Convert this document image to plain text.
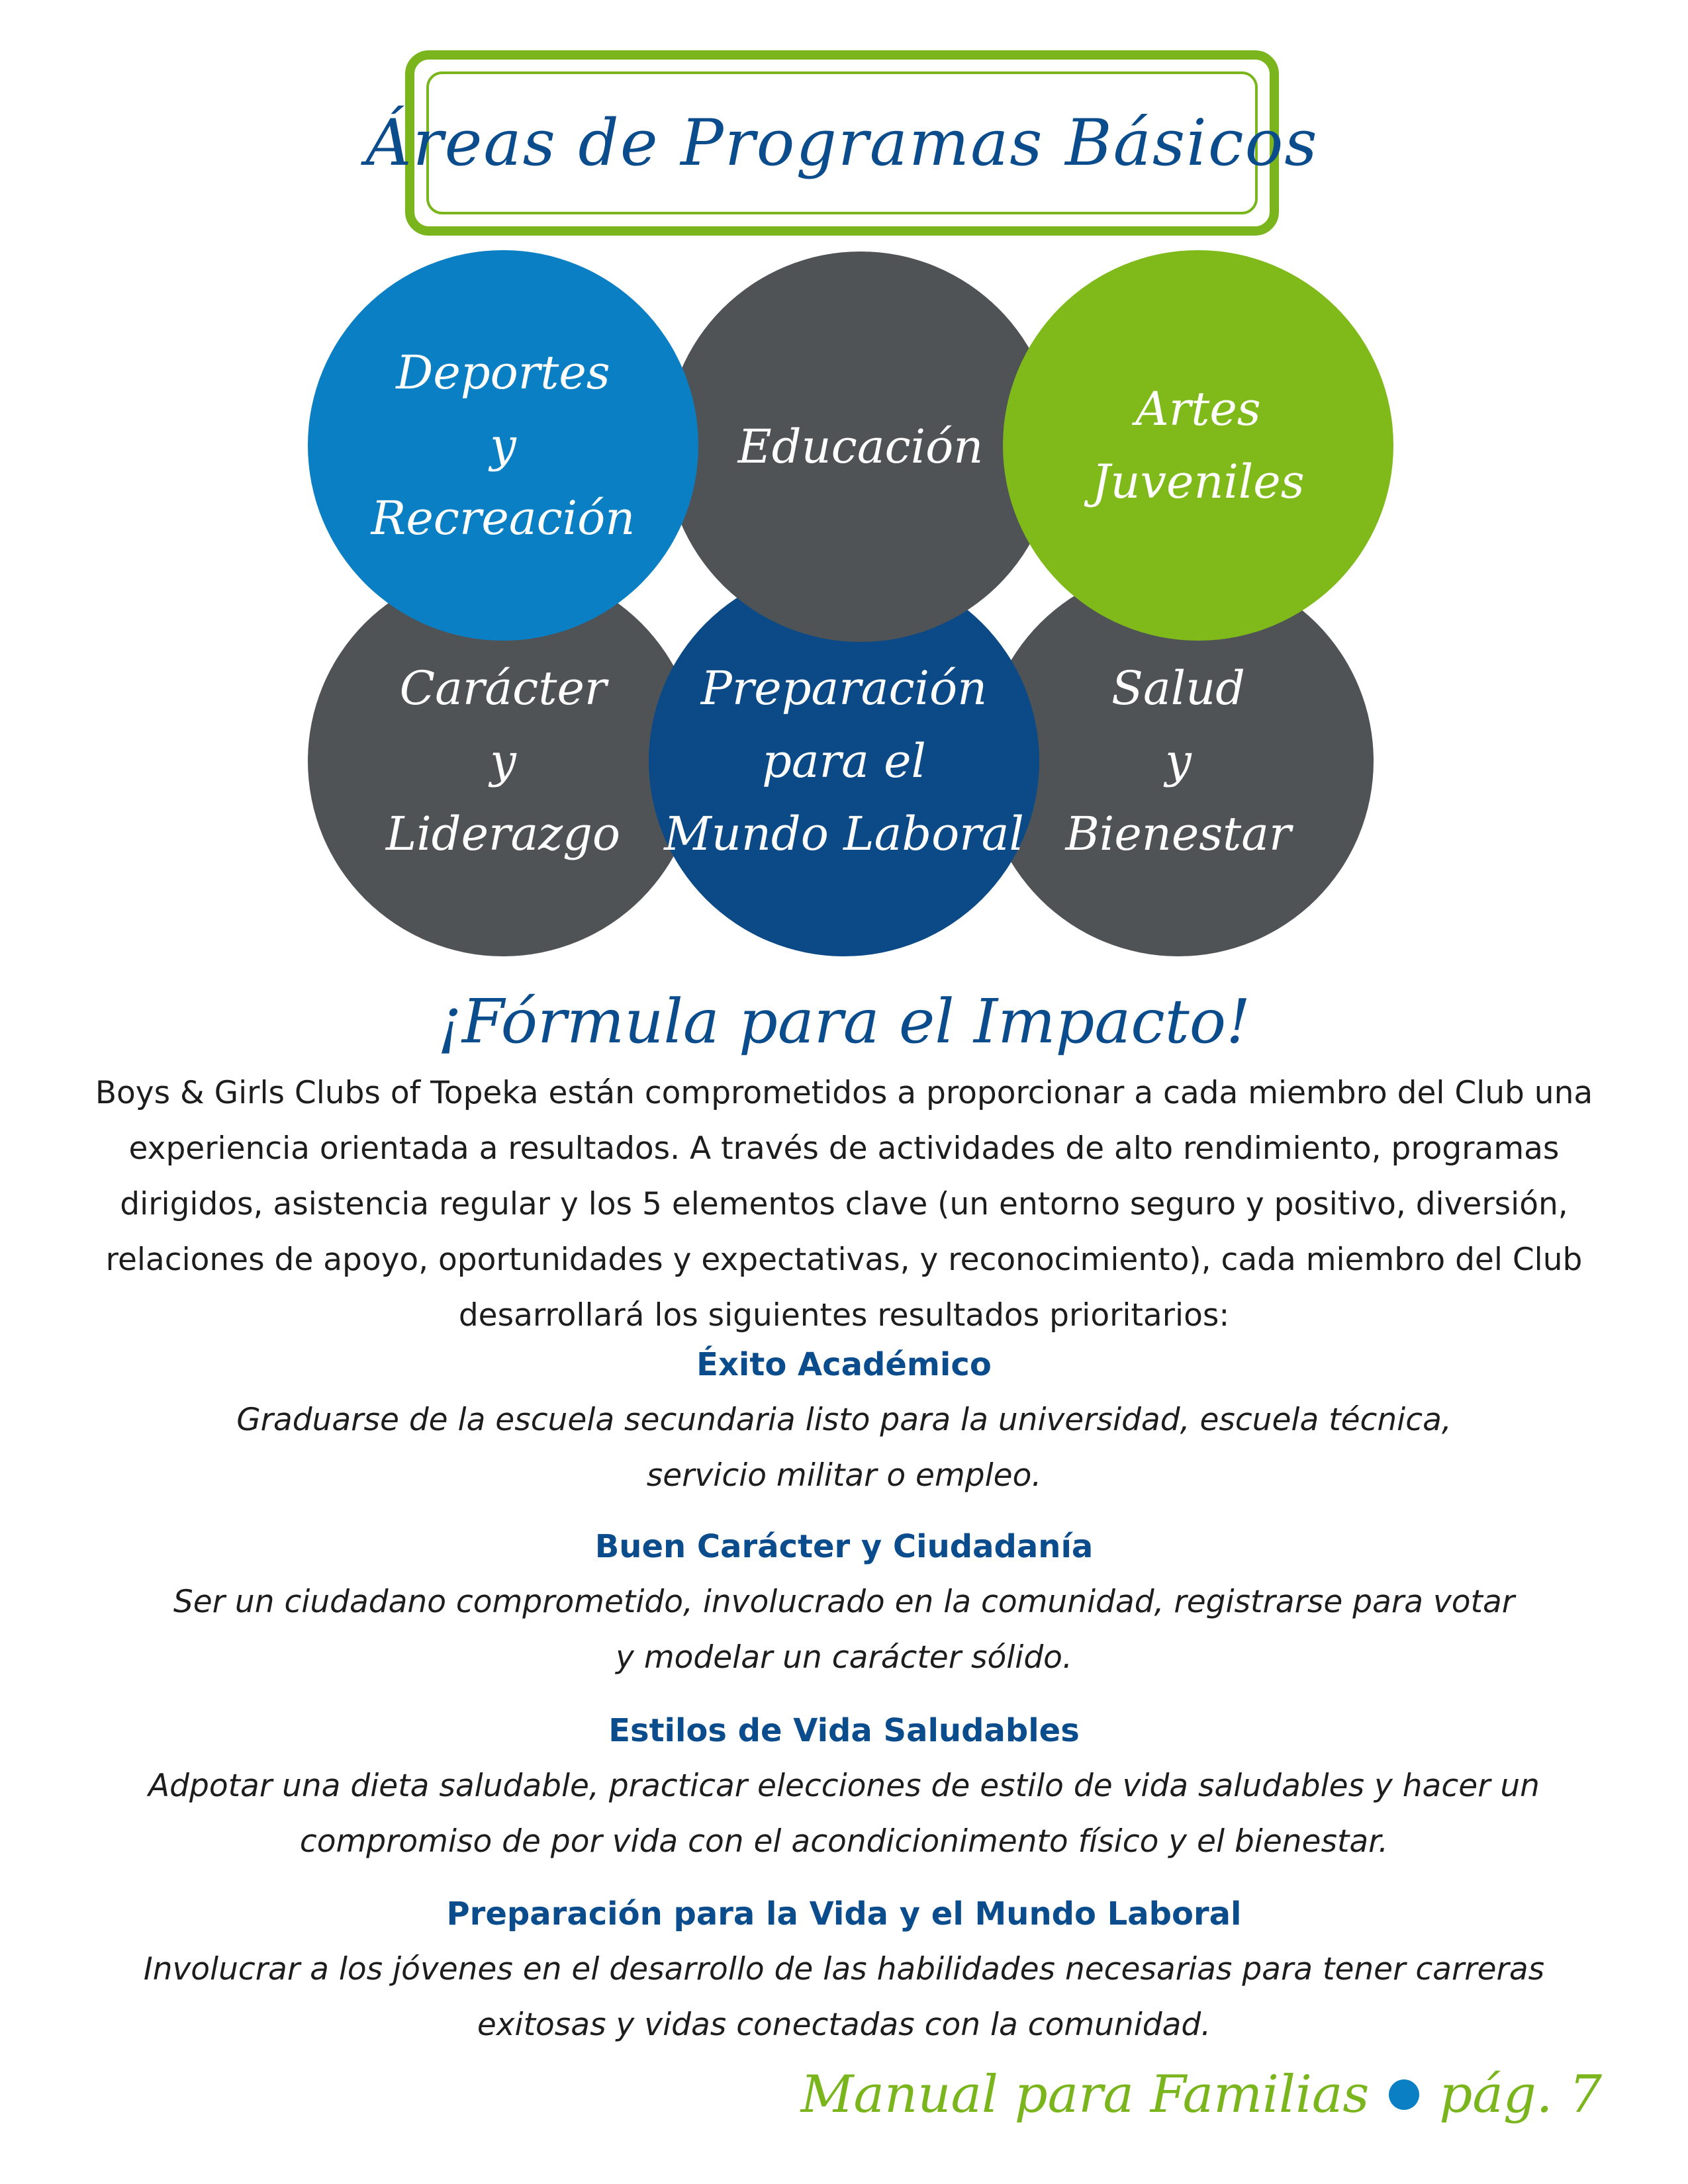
Áreas de Programas Básicos
Carácter
y
Liderazgo
Salud
y
Bienestar
Preparación
para el
Mundo Laboral
Educación
Deportes
y
Recreación
Artes
Juveniles
¡Fórmula para el Impacto!
Boys & Girls Clubs of Topeka están comprometidos a proporcionar a cada miembro del Club una experiencia orientada a resultados. A través de actividades de alto rendimiento, programas dirigidos, asistencia regular y los 5 elementos clave (un entorno seguro y positivo, diversión, relaciones de apoyo, oportunidades y expectativas, y reconocimiento), cada miembro del Club desarrollará los siguientes resultados prioritarios:
Éxito Académico
Graduarse de la escuela secundaria listo para la universidad, escuela técnica,
servicio militar o empleo.
Buen Carácter y Ciudadanía
Ser un ciudadano comprometido, involucrado en la comunidad, registrarse para votar
y modelar un carácter sólido.
Estilos de Vida Saludables
Adpotar una dieta saludable, practicar elecciones de estilo de vida saludables y hacer un
compromiso de por vida con el acondicionimento físico y el bienestar.
Preparación para la Vida y el Mundo Laboral
Involucrar a los jóvenes en el desarrollo de las habilidades necesarias para tener carreras
exitosas y vidas conectadas con la comunidad.
Manual para Familias pág. 7
